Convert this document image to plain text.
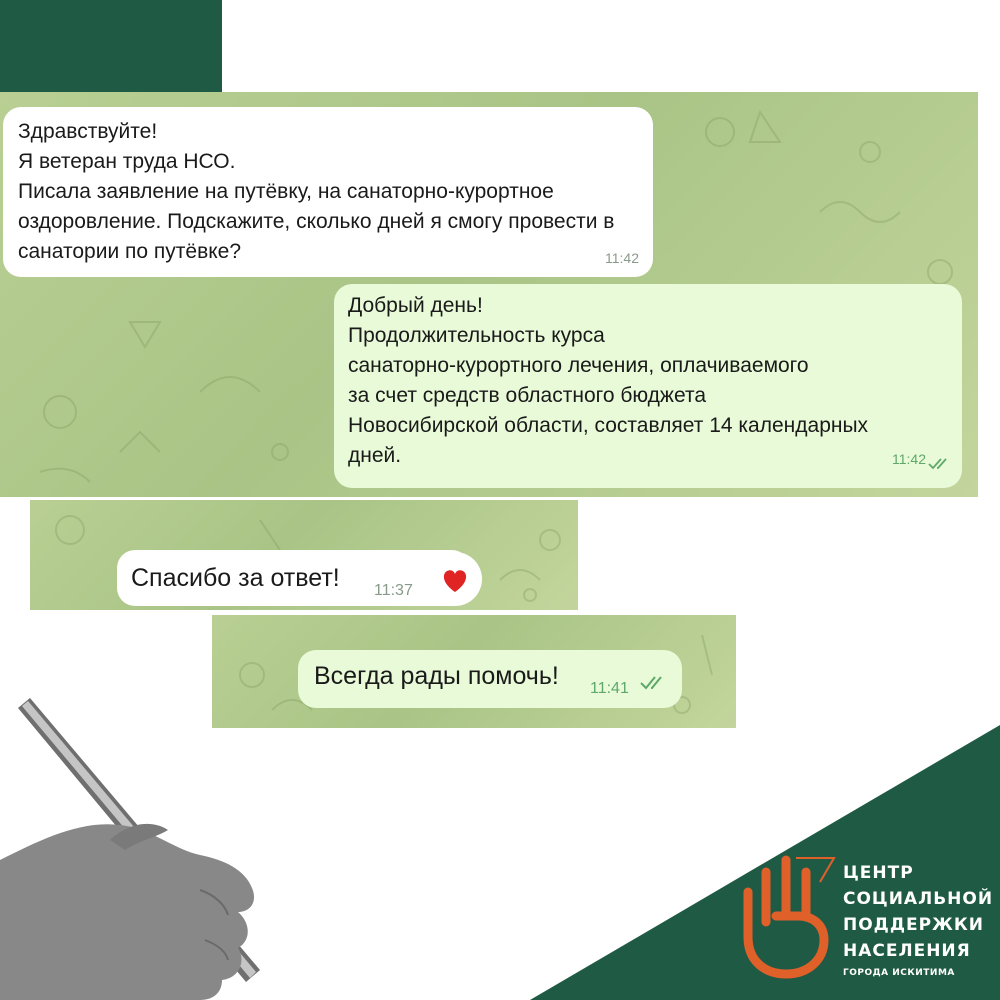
Здравствуйте!
Я ветеран труда НСО.
Писала заявление на путёвку, на санаторно-курортное оздоровление. Подскажите, сколько дней я смогу провести в санатории по путёвке?	11:42
Добрый день!
Продолжительность курса
санаторно-курортного лечения, оплачиваемого
за счет средств областного бюджета
Новосибирской области, составляет 14 календарных
дней.	11:42
Спасибо за ответ! 11:37
Всегда рады помочь! 11:41
ЦЕНТР
СОЦИАЛЬНОЙ
ПОДДЕРЖКИ
НАСЕЛЕНИЯ
ГОРОДА ИСКИТИМА
